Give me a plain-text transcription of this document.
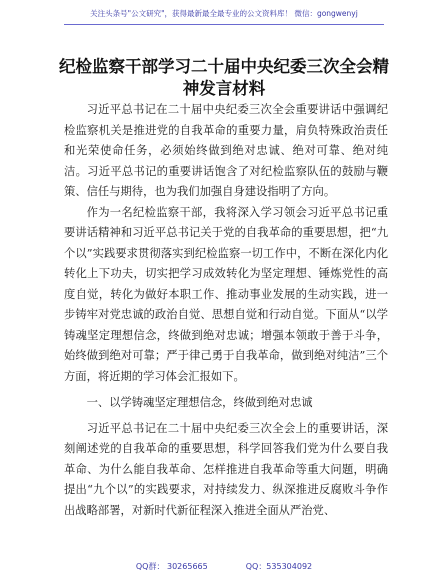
关注头条号"公文研究"，获得最新最全最专业的公文资料库！ 微信：gongwenyj
纪检监察干部学习二十届中央纪委三次全会精神发言材料

习近平总书记在二十届中央纪委三次全会重要讲话中强调纪检监察机关是推进党的自我革命的重要力量，肩负特殊政治责任和光荣使命任务，必须始终做到绝对忠诚、绝对可靠、绝对纯洁。习近平总书记的重要讲话饱含了对纪检监察队伍的鼓励与鞭策、信任与期待，也为我们加强自身建设指明了方向。

作为一名纪检监察干部，我将深入学习领会习近平总书记重要讲话精神和习近平总书记关于党的自我革命的重要思想，把“九个以”实践要求贯彻落实到纪检监察一切工作中，不断在深化内化转化上下功夫，切实把学习成效转化为坚定理想、锤炼党性的高度自觉，转化为做好本职工作、推动事业发展的生动实践，进一步铸牢对党忠诚的政治自觉、思想自觉和行动自觉。下面从“以学铸魂坚定理想信念，终做到绝对忠诚；增强本领敢于善于斗争，始终做到绝对可靠；严于律己勇于自我革命，做到绝对纯洁”三个方面，将近期的学习体会汇报如下。

一、以学铸魂坚定理想信念，终做到绝对忠诚

习近平总书记在二十届中央纪委三次全会上的重要讲话，深刻阐述党的自我革命的重要思想，科学回答我们党为什么要自我革命、为什么能自我革命、怎样推进自我革命等重大问题，明确提出“九个以”的实践要求，对持续发力、纵深推进反腐败斗争作出战略部署，对新时代新征程深入推进全面从严治党、

QQ群： 30265665	QQ：535304092
